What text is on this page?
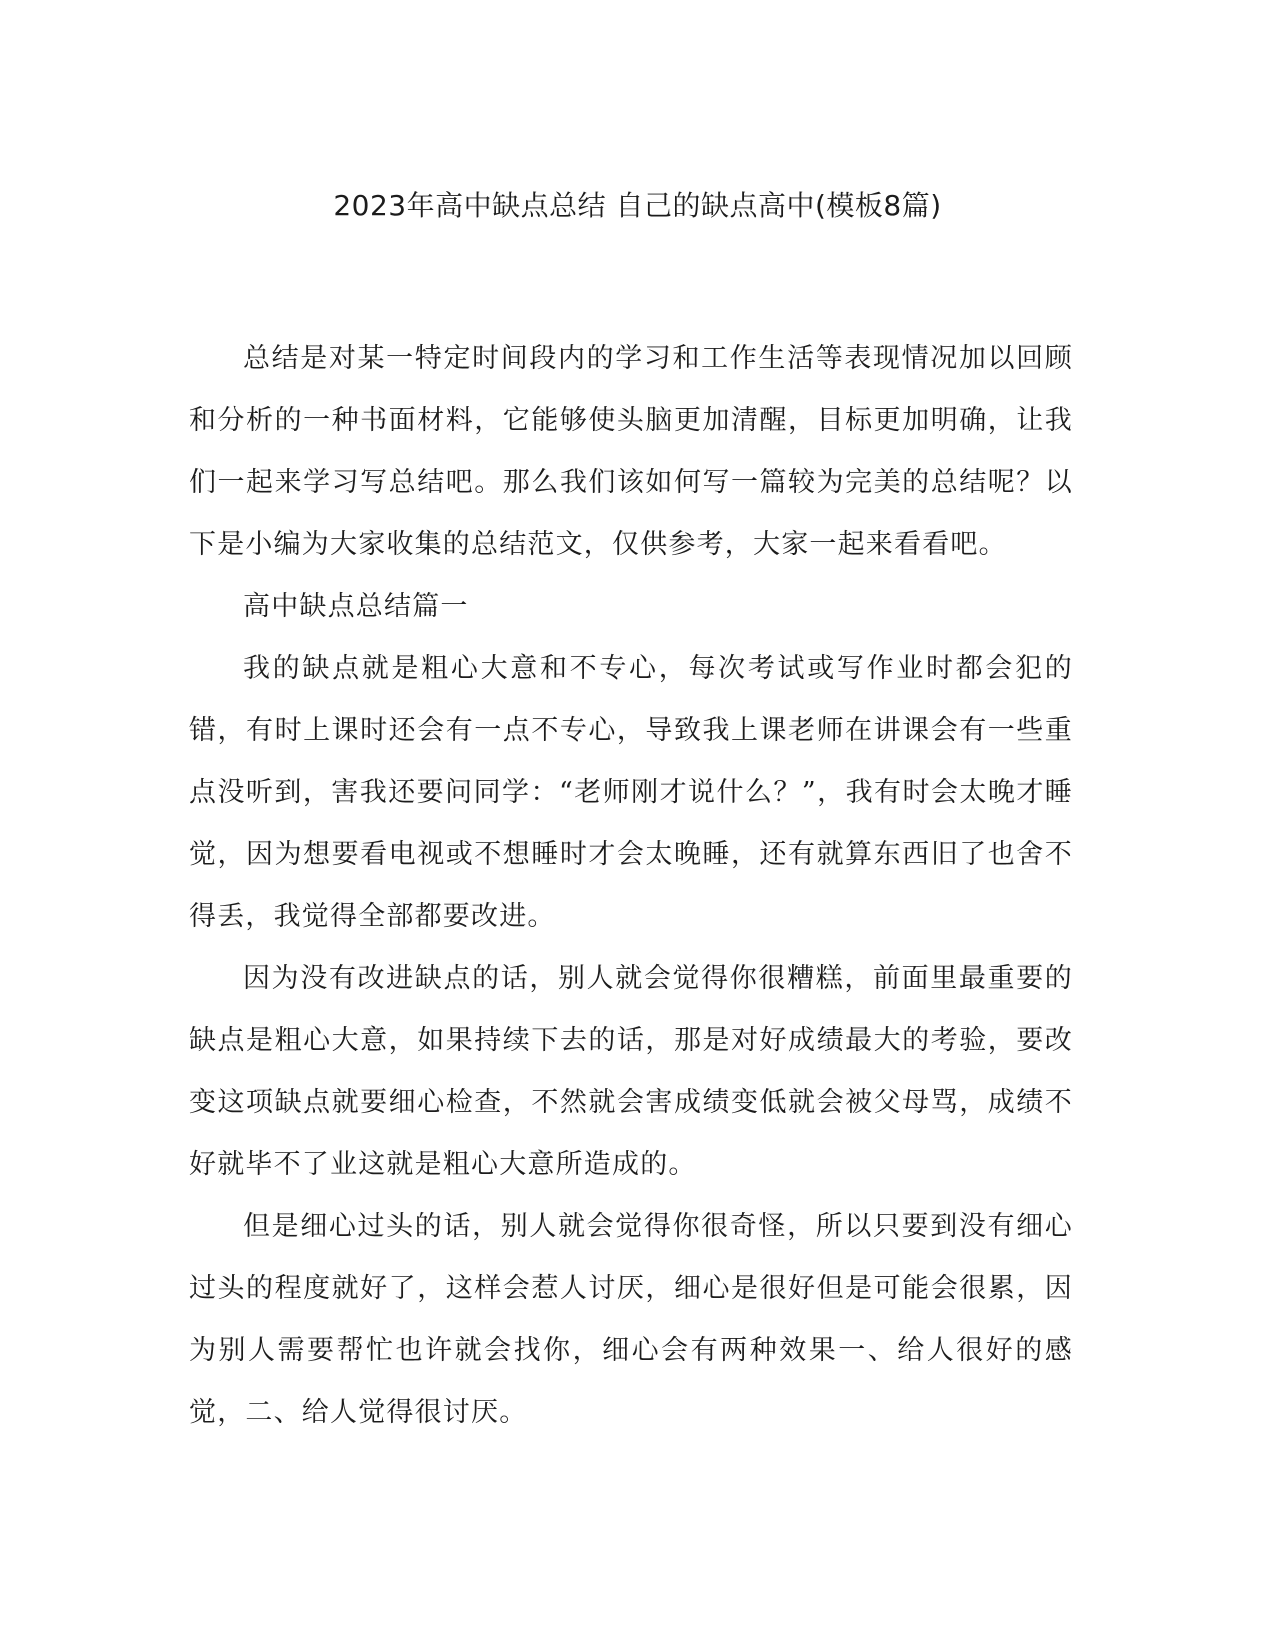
2023年高中缺点总结 自己的缺点高中(模板8篇)

总结是对某一特定时间段内的学习和工作生活等表现情况加以回顾和分析的一种书面材料，它能够使头脑更加清醒，目标更加明确，让我们一起来学习写总结吧。那么我们该如何写一篇较为完美的总结呢？以下是小编为大家收集的总结范文，仅供参考，大家一起来看看吧。

高中缺点总结篇一

我的缺点就是粗心大意和不专心，每次考试或写作业时都会犯的错，有时上课时还会有一点不专心，导致我上课老师在讲课会有一些重点没听到，害我还要问同学：“老师刚才说什么？”，我有时会太晚才睡觉，因为想要看电视或不想睡时才会太晚睡，还有就算东西旧了也舍不得丢，我觉得全部都要改进。

因为没有改进缺点的话，别人就会觉得你很糟糕，前面里最重要的缺点是粗心大意，如果持续下去的话，那是对好成绩最大的考验，要改变这项缺点就要细心检查，不然就会害成绩变低就会被父母骂，成绩不好就毕不了业这就是粗心大意所造成的。

但是细心过头的话，别人就会觉得你很奇怪，所以只要到没有细心过头的程度就好了，这样会惹人讨厌，细心是很好但是可能会很累，因为别人需要帮忙也许就会找你，细心会有两种效果一、给人很好的感觉，二、给人觉得很讨厌。
